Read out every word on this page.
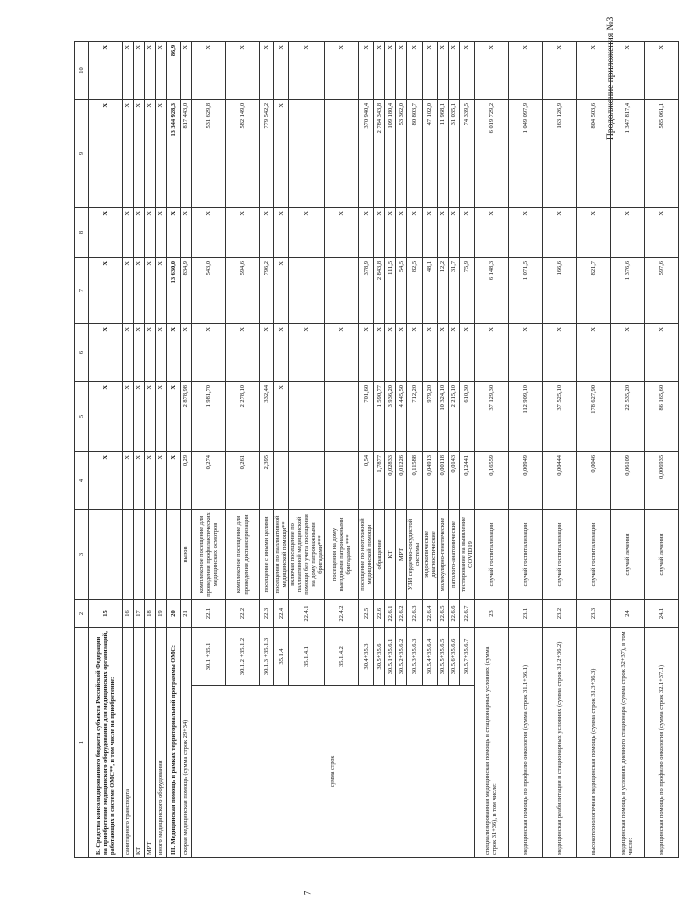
7
Продолжение приложения №3
1		2	3	4	5	6	7	8	9	10
Б. Средства консолидированного бюджета субъекта Российской Федерации на приобретение медицинского оборудования для медицинских организаций, работающих в системе ОМС**, в том числе на приобретение:		15		Х	Х	Х	Х	Х	Х	Х
санитарного транспорта		16		Х	Х	Х	Х	Х	Х	Х
КТ		17		Х	Х	Х	Х	Х	Х	Х
МРТ		18		Х	Х	Х	Х	Х	Х	Х
иного медицинского оборудования		19		Х	Х	Х	Х	Х	Х	Х
III. Медицинская помощь в рамках территориальной программы ОМС:		20		Х	Х	Х	13 630,0	Х	13 344 928,3	86,9
скорая медицинская помощь (сумма строк 29+34)		21	вызов	0,29	2 878,98	Х	834,9	Х	817 443,0	Х
сумма строк	30.1 +35.1	22.1	комплексное посещение для проведения профилактических медицинских осмотров	0,274	1 981,70	Х	543,0	Х	531 629,8	Х
	30.1.2 +35.1.2	22.2	комплексное посещение для проведения диспансеризации	0,261	2 278,10	Х	594,6	Х	582 149,0	Х
	30.1.3 +35.1.3	22.3	посещение с иными целями	2,395	332,44	Х	796,2	Х	779 542,2	Х
	35.1.4	22.4	посещения по паллиативной медицинской помощи**		Х	Х	Х	Х	Х	Х
	35.1.4.1	22.4.1	включая посещение по паллиативной медицинской помощи без учета посещения на дому патронажными бригадами***			Х		Х		Х
	35.1.4.2	22.4.2	посещения на дому выездными патронажными бригадами ***			Х		Х		Х
	30.4+35.3	22.5	посещение по неотложной медицинской помощи	0,54	701,60	Х	378,9	Х	370 940,4	Х
	30.5+35.6	22.6	обращение	1,7877	1 590,77	Х	2 843,8	Х	2 784 343,8	Х
	30.5.1+35.6.1	22.6.1	КТ	0,02833	3 936,20	Х	111,5	Х	109 180,4	Х
	30.5.2+35.6.2	22.6.2	МРТ	0,01226	4 445,50	Х	54,5	Х	53 362,0	Х
	30.5.3+35.6.3	22.6.3	УЗИ сердечно-сосудистой системы	0,11588	712,20	Х	82,5	Х	80 803,7	Х
	30.5.4+35.6.4	22.6.4	эндоскопические диагностические	0,04913	979,20	Х	48,1	Х	47 102,0	Х
	30.5.5+35.6.5	22.6.5	молекулярно-генетические	0,00118	10 324,10	Х	12,2	Х	11 968,1	Х
	30.5.6+35.6.6	22.6.6	патолого-анатомические	0,0143	2 215,10	Х	31,7	Х	31 035,1	Х
	30.5.7+35.6.7	22.6.7	тестирование на выявление COVID19	0,12441	610,30	Х	75,9	Х	74 339,5	Х
специализированная медицинская помощь в стационарных условиях (сумма строк 31+36), в том числе:		23	случай госпитализации	0,16559	37 129,30	Х	6 148,3	Х	6 019 729,2	Х
медицинская помощь по профилю онкология (сумма строк 31.1+36.1)		23.1	случай госпитализации	0,00949	112 909,10	Х	1 071,5	Х	1 049 097,9	Х
медицинская реабилитация в стационарных условиях (сумма строк 31.2+36.2)		23.2	случай госпитализации	0,00444	37 525,10	Х	166,6	Х	163 126,9	Х
высокотехнологичная медицинская помощь (сумма строк 31.3+36.3)		23.3	случай госпитализации	0,0046	178 627,90	Х	821,7	Х	804 503,6	Х
медицинская помощь в условиях дневного стационара (сумма строк 32+37), в том числе:		24	случай лечения	0,06109	22 535,20	Х	1 376,6	Х	1 347 817,4	Х
медицинская помощь по профилю онкология (сумма строк 32.1+37.1)		24.1	случай лечения	0,006935	86 165,60	Х	597,6	Х	585 061,1	Х
